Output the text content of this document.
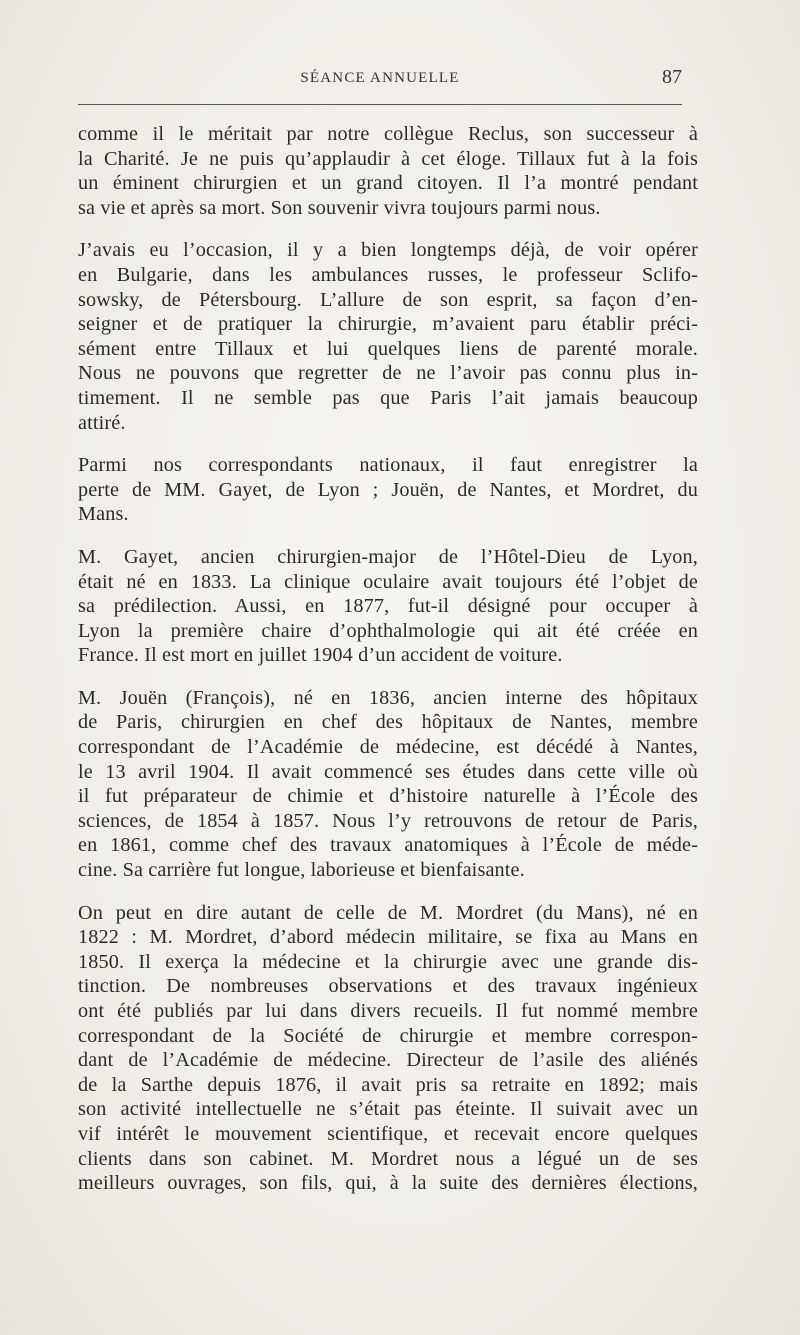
SÉANCE ANNUELLE	87
comme il le méritait par notre collègue Reclus, son successeur à
la Charité. Je ne puis qu’applaudir à cet éloge. Tillaux fut à la fois
un éminent chirurgien et un grand citoyen. Il l’a montré pendant
sa vie et après sa mort. Son souvenir vivra toujours parmi nous.
J’avais eu l’occasion, il y a bien longtemps déjà, de voir opérer
en Bulgarie, dans les ambulances russes, le professeur Sclifo-
sowsky, de Pétersbourg. L’allure de son esprit, sa façon d’en-
seigner et de pratiquer la chirurgie, m’avaient paru établir préci-
sément entre Tillaux et lui quelques liens de parenté morale.
Nous ne pouvons que regretter de ne l’avoir pas connu plus in-
timement. Il ne semble pas que Paris l’ait jamais beaucoup
attiré.
Parmi nos correspondants nationaux, il faut enregistrer la
perte de MM. Gayet, de Lyon ; Jouën, de Nantes, et Mordret, du
Mans.
M. Gayet, ancien chirurgien-major de l’Hôtel-Dieu de Lyon,
était né en 1833. La clinique oculaire avait toujours été l’objet de
sa prédilection. Aussi, en 1877, fut-il désigné pour occuper à
Lyon la première chaire d’ophthalmologie qui ait été créée en
France. Il est mort en juillet 1904 d’un accident de voiture.
M. Jouën (François), né en 1836, ancien interne des hôpitaux
de Paris, chirurgien en chef des hôpitaux de Nantes, membre
correspondant de l’Académie de médecine, est décédé à Nantes,
le 13 avril 1904. Il avait commencé ses études dans cette ville où
il fut préparateur de chimie et d’histoire naturelle à l’École des
sciences, de 1854 à 1857. Nous l’y retrouvons de retour de Paris,
en 1861, comme chef des travaux anatomiques à l’École de méde-
cine. Sa carrière fut longue, laborieuse et bienfaisante.
On peut en dire autant de celle de M. Mordret (du Mans), né en
1822 : M. Mordret, d’abord médecin militaire, se fixa au Mans en
1850. Il exerça la médecine et la chirurgie avec une grande dis-
tinction. De nombreuses observations et des travaux ingénieux
ont été publiés par lui dans divers recueils. Il fut nommé membre
correspondant de la Société de chirurgie et membre correspon-
dant de l’Académie de médecine. Directeur de l’asile des aliénés
de la Sarthe depuis 1876, il avait pris sa retraite en 1892; mais
son activité intellectuelle ne s’était pas éteinte. Il suivait avec un
vif intérêt le mouvement scientifique, et recevait encore quelques
clients dans son cabinet. M. Mordret nous a légué un de ses
meilleurs ouvrages, son fils, qui, à la suite des dernières élections,
